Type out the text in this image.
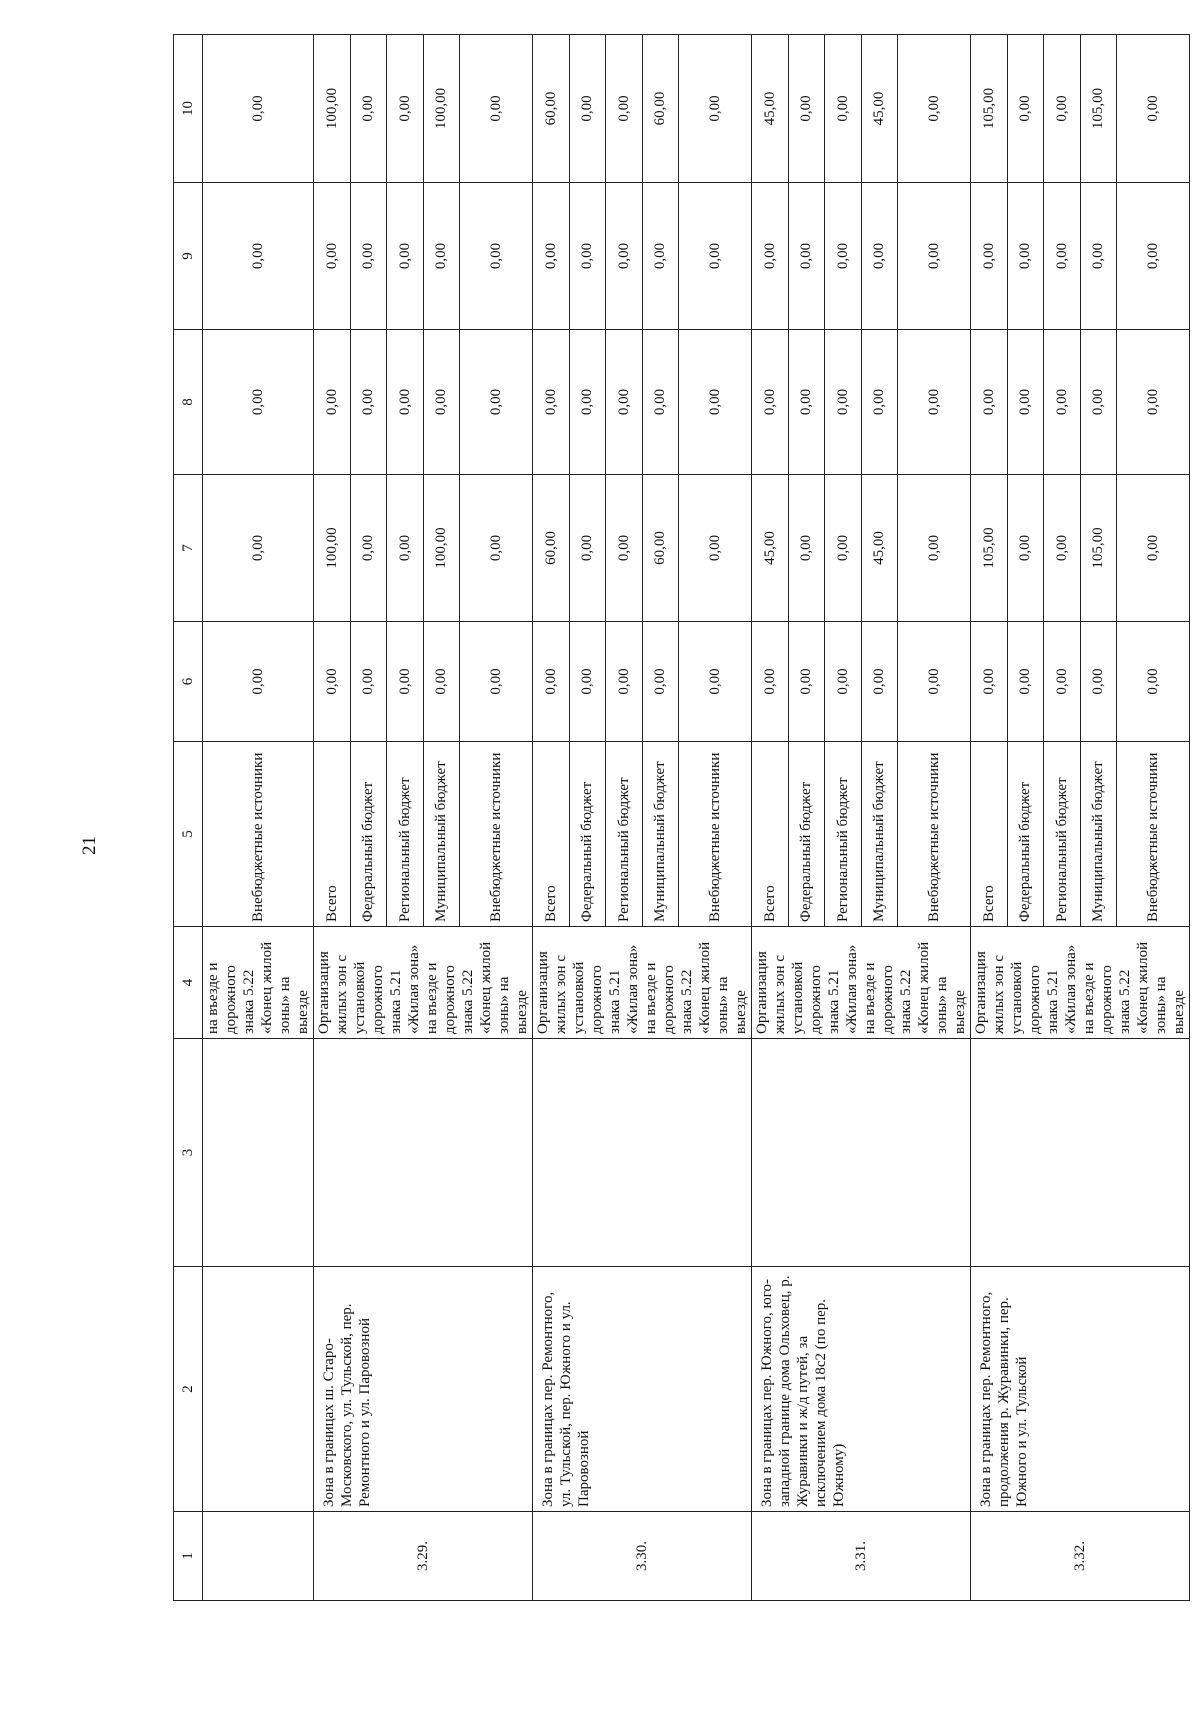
21
1	2	3	4	5	6	7	8	9	10
			на въезде и дорожного знака 5.22 «Конец жилой зоны» на выезде	Внебюджетные источники	0,00	0,00	0,00	0,00	0,00
3.29.	Зона в границах ш. Старо-Московского, ул. Тульской, пер. Ремонтного и ул. Паровозной		Организация жилых зон с установкой дорожного знака 5.21 «Жилая зона» на въезде и дорожного знака 5.22 «Конец жилой зоны» на выезде	Всего	0,00	100,00	0,00	0,00	100,00
				Федеральный бюджет	0,00	0,00	0,00	0,00	0,00
				Региональный бюджет	0,00	0,00	0,00	0,00	0,00
				Муниципальный бюджет	0,00	100,00	0,00	0,00	100,00
				Внебюджетные источники	0,00	0,00	0,00	0,00	0,00
3.30.	Зона в границах пер. Ремонтного, ул. Тульской, пер. Южного и ул. Паровозной		Организация жилых зон с установкой дорожного знака 5.21 «Жилая зона» на въезде и дорожного знака 5.22 «Конец жилой зоны» на выезде	Всего	0,00	60,00	0,00	0,00	60,00
				Федеральный бюджет	0,00	0,00	0,00	0,00	0,00
				Региональный бюджет	0,00	0,00	0,00	0,00	0,00
				Муниципальный бюджет	0,00	60,00	0,00	0,00	60,00
				Внебюджетные источники	0,00	0,00	0,00	0,00	0,00
3.31.	Зона в границах пер. Южного, юго-западной границе дома Ольховец, р. Журавинки и ж/д путей, за исключением дома 18с2 (по пер. Южному)		Организация жилых зон с установкой дорожного знака 5.21 «Жилая зона» на въезде и дорожного знака 5.22 «Конец жилой зоны» на выезде	Всего	0,00	45,00	0,00	0,00	45,00
				Федеральный бюджет	0,00	0,00	0,00	0,00	0,00
				Региональный бюджет	0,00	0,00	0,00	0,00	0,00
				Муниципальный бюджет	0,00	45,00	0,00	0,00	45,00
				Внебюджетные источники	0,00	0,00	0,00	0,00	0,00
3.32.	Зона в границах пер. Ремонтного, продолжения р. Журавинки, пер. Южного и ул. Тульской		Организация жилых зон с установкой дорожного знака 5.21 «Жилая зона» на въезде и дорожного знака 5.22 «Конец жилой зоны» на выезде	Всего	0,00	105,00	0,00	0,00	105,00
				Федеральный бюджет	0,00	0,00	0,00	0,00	0,00
				Региональный бюджет	0,00	0,00	0,00	0,00	0,00
				Муниципальный бюджет	0,00	105,00	0,00	0,00	105,00
				Внебюджетные источники	0,00	0,00	0,00	0,00	0,00
